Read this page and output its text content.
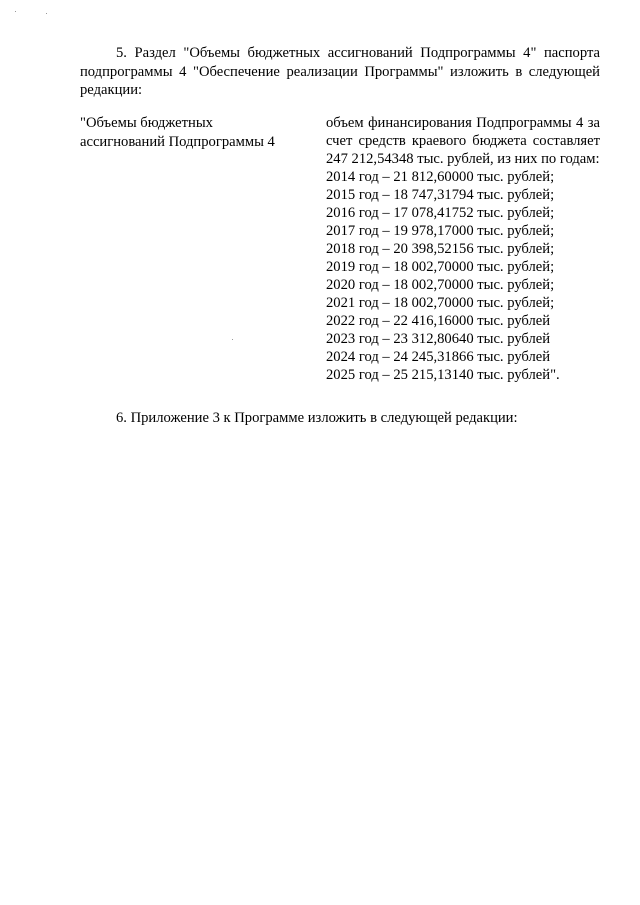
5. Раздел "Объемы бюджетных ассигнований Подпрограммы 4" паспорта подпрограммы 4 "Обеспечение реализации Программы" изложить в следующей редакции:
"Объемы бюджетных ассигнований Подпрограммы 4
объем финансирования Подпрограммы 4 за счет средств краевого бюджета составляет 247 212,54348 тыс. рублей, из них по годам:
2014 год – 21 812,60000 тыс. рублей;
2015 год – 18 747,31794 тыс. рублей;
2016 год – 17 078,41752 тыс. рублей;
2017 год – 19 978,17000 тыс. рублей;
2018 год – 20 398,52156 тыс. рублей;
2019 год – 18 002,70000 тыс. рублей;
2020 год – 18 002,70000 тыс. рублей;
2021 год – 18 002,70000 тыс. рублей;
2022 год – 22 416,16000 тыс. рублей
2023 год – 23 312,80640 тыс. рублей
2024 год – 24 245,31866 тыс. рублей
2025 год – 25 215,13140 тыс. рублей".
6. Приложение 3 к Программе изложить в следующей редакции:
